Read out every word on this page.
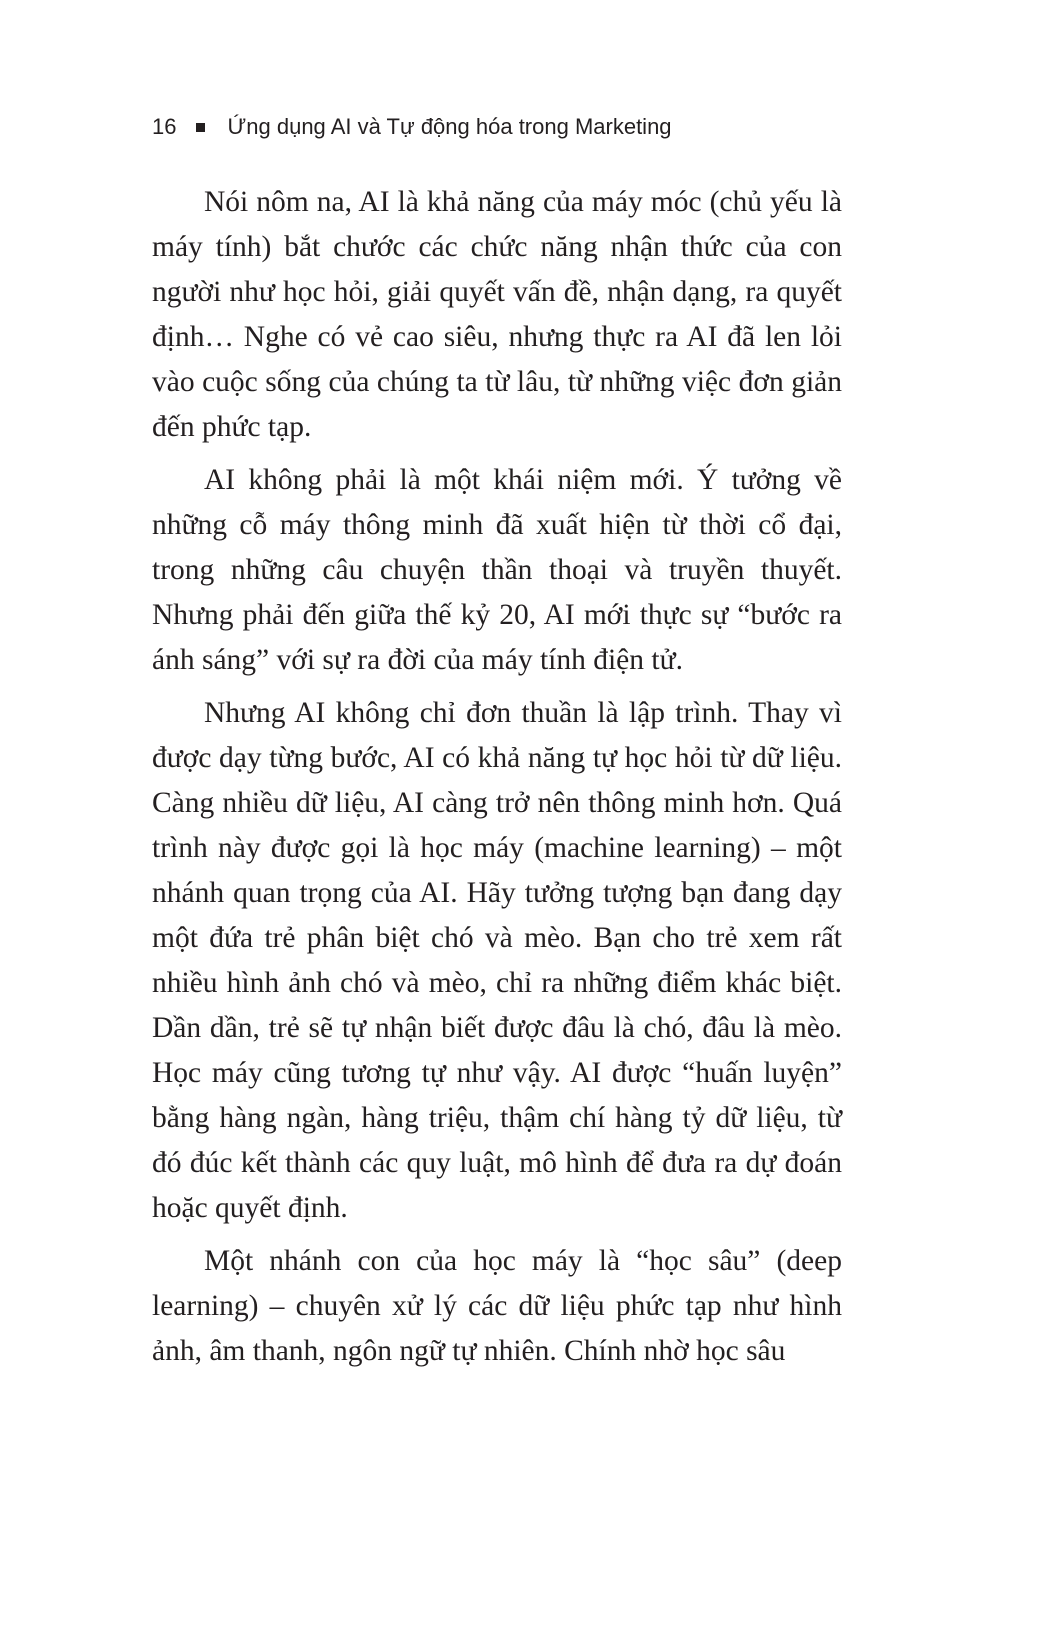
16 Ứng dụng AI và Tự động hóa trong Marketing

Nói nôm na, AI là khả năng của máy móc (chủ yếu là máy tính) bắt chước các chức năng nhận thức của con người như học hỏi, giải quyết vấn đề, nhận dạng, ra quyết định… Nghe có vẻ cao siêu, nhưng thực ra AI đã len lỏi vào cuộc sống của chúng ta từ lâu, từ những việc đơn giản đến phức tạp.

AI không phải là một khái niệm mới. Ý tưởng về những cỗ máy thông minh đã xuất hiện từ thời cổ đại, trong những câu chuyện thần thoại và truyền thuyết. Nhưng phải đến giữa thế kỷ 20, AI mới thực sự “bước ra ánh sáng” với sự ra đời của máy tính điện tử.

Nhưng AI không chỉ đơn thuần là lập trình. Thay vì được dạy từng bước, AI có khả năng tự học hỏi từ dữ liệu. Càng nhiều dữ liệu, AI càng trở nên thông minh hơn. Quá trình này được gọi là học máy (machine learning) – một nhánh quan trọng của AI. Hãy tưởng tượng bạn đang dạy một đứa trẻ phân biệt chó và mèo. Bạn cho trẻ xem rất nhiều hình ảnh chó và mèo, chỉ ra những điểm khác biệt. Dần dần, trẻ sẽ tự nhận biết được đâu là chó, đâu là mèo. Học máy cũng tương tự như vậy. AI được “huấn luyện” bằng hàng ngàn, hàng triệu, thậm chí hàng tỷ dữ liệu, từ đó đúc kết thành các quy luật, mô hình để đưa ra dự đoán hoặc quyết định.

Một nhánh con của học máy là “học sâu” (deep learning) – chuyên xử lý các dữ liệu phức tạp như hình ảnh, âm thanh, ngôn ngữ tự nhiên. Chính nhờ học sâu
